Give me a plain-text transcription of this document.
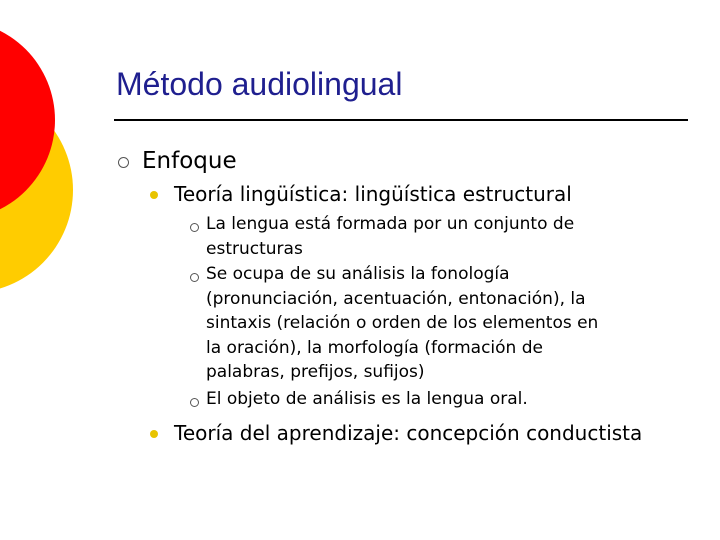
Método audiolingual
Enfoque
Teoría lingüística: lingüística estructural
La lengua está formada por un conjunto de
estructuras
Se ocupa de su análisis la fonología
(pronunciación, acentuación, entonación), la
sintaxis (relación o orden de los elementos en
la oración), la morfología (formación de
palabras, prefijos, sufijos)
El objeto de análisis es la lengua oral.
Teoría del aprendizaje: concepción conductista
